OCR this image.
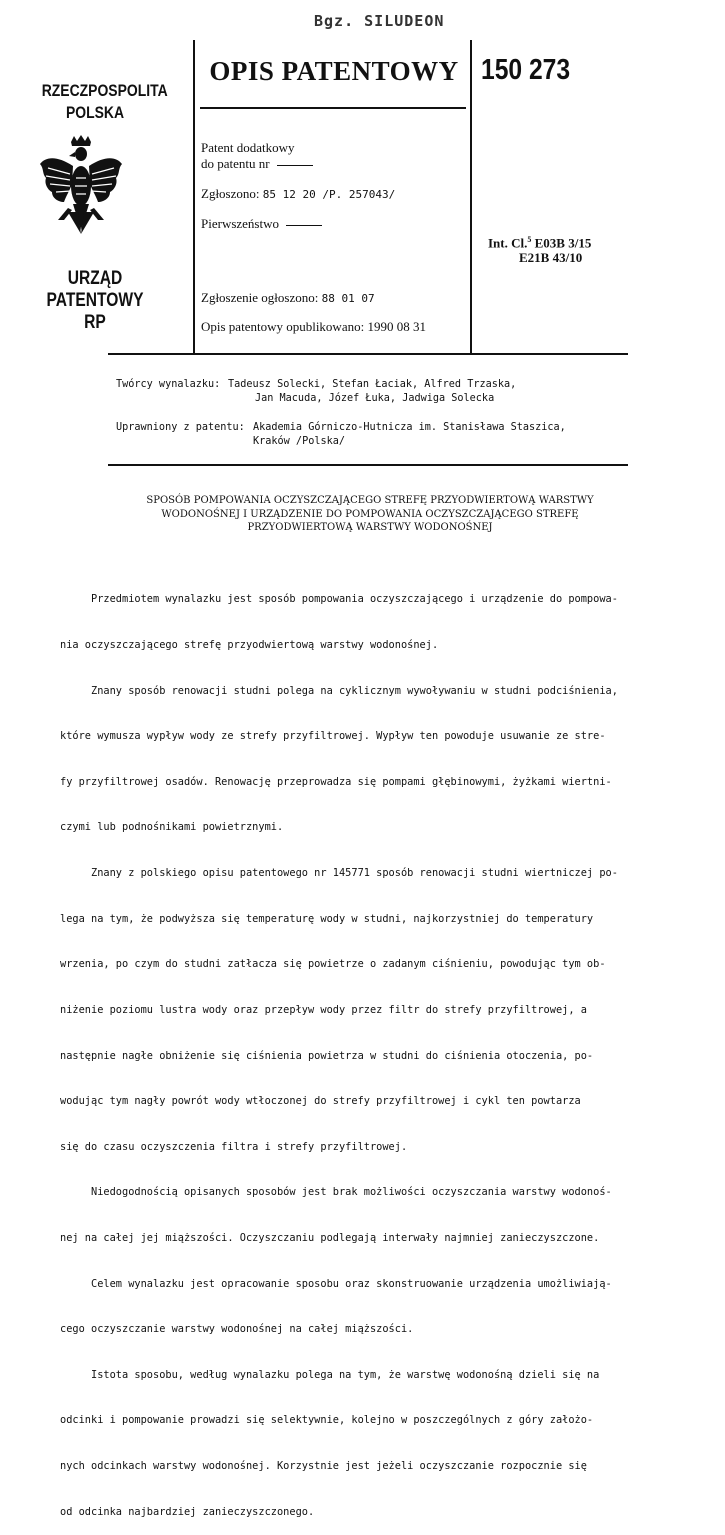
Bgz. SILUDEON
RZECZPOSPOLITA
POLSKA
URZĄD
PATENTOWY
RP
OPIS PATENTOWY 150 273
Patent dodatkowy
do patentu nr
Zgłoszono: 85 12 20 /P. 257043/
Pierwszeństwo
Zgłoszenie ogłoszono: 88 01 07
Opis patentowy opublikowano: 1990 08 31
Int. Cl.$^5$ E03B 3/15
E21B 43/10
Twórcy wynalazku: Tadeusz Solecki, Stefan Łaciak, Alfred Trzaska,
Jan Macuda, Józef Łuka, Jadwiga Solecka
Uprawniony z patentu: Akademia Górniczo-Hutnicza im. Stanisława Staszica,
Kraków /Polska/
SPOSÓB POMPOWANIA OCZYSZCZAJĄCEGO STREFĘ PRZYODWIERTOWĄ WARSTWY
WODONOŚNEJ I URZĄDZENIE DO POMPOWANIA OCZYSZCZAJĄCEGO STREFĘ
PRZYODWIERTOWĄ WARSTWY WODONOŚNEJ

Przedmiotem wynalazku jest sposób pompowania oczyszczającego i urządzenie do pompowa-

nia oczyszczającego strefę przyodwiertową warstwy wodonośnej.

Znany sposób renowacji studni polega na cyklicznym wywoływaniu w studni podciśnienia,

które wymusza wypływ wody ze strefy przyfiltrowej. Wypływ ten powoduje usuwanie ze stre-

fy przyfiltrowej osadów. Renowację przeprowadza się pompami głębinowymi, żyżkami wiertni-

czymi lub podnośnikami powietrznymi.

Znany z polskiego opisu patentowego nr 145771 sposób renowacji studni wiertniczej po-

lega na tym, że podwyższa się temperaturę wody w studni, najkorzystniej do temperatury

wrzenia, po czym do studni zatłacza się powietrze o zadanym ciśnieniu, powodując tym ob-

niżenie poziomu lustra wody oraz przepływ wody przez filtr do strefy przyfiltrowej, a

następnie nagłe obniżenie się ciśnienia powietrza w studni do ciśnienia otoczenia, po-

wodując tym nagły powrót wody wtłoczonej do strefy przyfiltrowej i cykl ten powtarza

się do czasu oczyszczenia filtra i strefy przyfiltrowej.

Niedogodnością opisanych sposobów jest brak możliwości oczyszczania warstwy wodonoś-

nej na całej jej miąższości. Oczyszczaniu podlegają interwały najmniej zanieczyszczone.

Celem wynalazku jest opracowanie sposobu oraz skonstruowanie urządzenia umożliwiają-

cego oczyszczanie warstwy wodonośnej na całej miąższości.

Istota sposobu, według wynalazku polega na tym, że warstwę wodonośną dzieli się na

odcinki i pompowanie prowadzi się selektywnie, kolejno w poszczególnych z góry założo-

nych odcinkach warstwy wodonośnej. Korzystnie jest jeżeli oczyszczanie rozpocznie się

od odcinka najbardziej zanieczyszczonego.
